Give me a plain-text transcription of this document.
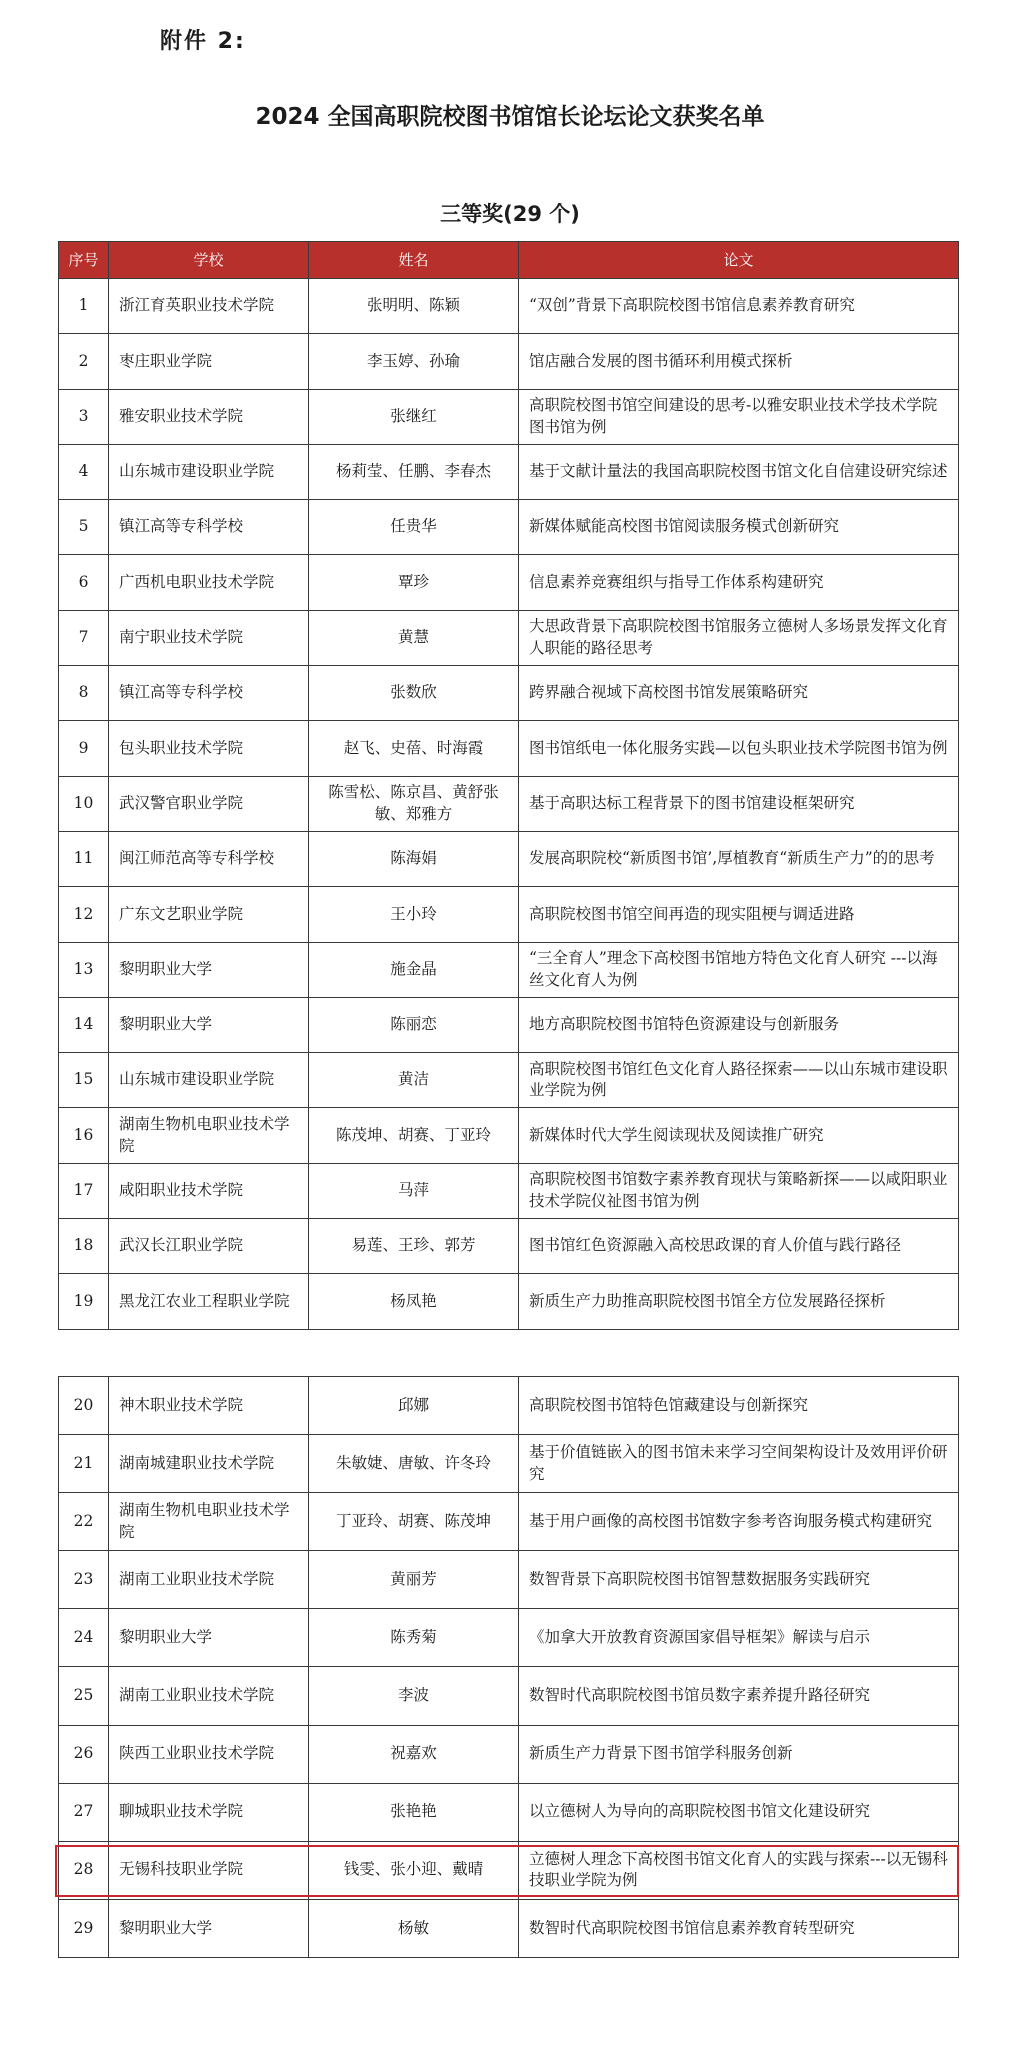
附件 2:
2024 全国高职院校图书馆馆长论坛论文获奖名单
三等奖(29 个)
序号	学校	姓名	论文
1	浙江育英职业技术学院	张明明、陈颖	“双创”背景下高职院校图书馆信息素养教育研究
2	枣庄职业学院	李玉婷、孙瑜	馆店融合发展的图书循环利用模式探析
3	雅安职业技术学院	张继红	高职院校图书馆空间建设的思考-以雅安职业技术学技术学院图书馆为例
4	山东城市建设职业学院	杨莉莹、任鹏、李春杰	基于文献计量法的我国高职院校图书馆文化自信建设研究综述
5	镇江高等专科学校	任贵华	新媒体赋能高校图书馆阅读服务模式创新研究
6	广西机电职业技术学院	覃珍	信息素养竞赛组织与指导工作体系构建研究
7	南宁职业技术学院	黄慧	大思政背景下高职院校图书馆服务立德树人多场景发挥文化育人职能的路径思考
8	镇江高等专科学校	张数欣	跨界融合视域下高校图书馆发展策略研究
9	包头职业技术学院	赵飞、史蓓、时海霞	图书馆纸电一体化服务实践—以包头职业技术学院图书馆为例
10	武汉警官职业学院	陈雪松、陈京昌、黄舒张敏、郑雅方	基于高职达标工程背景下的图书馆建设框架研究
11	闽江师范高等专科学校	陈海娟	发展高职院校“新质图书馆’,厚植教育“新质生产力”的的思考
12	广东文艺职业学院	王小玲	高职院校图书馆空间再造的现实阻梗与调适进路
13	黎明职业大学	施金晶	“三全育人”理念下高校图书馆地方特色文化育人研究 ---以海丝文化育人为例
14	黎明职业大学	陈丽恋	地方高职院校图书馆特色资源建设与创新服务
15	山东城市建设职业学院	黄洁	高职院校图书馆红色文化育人路径探索——以山东城市建设职业学院为例
16	湖南生物机电职业技术学院	陈茂坤、胡赛、丁亚玲	新媒体时代大学生阅读现状及阅读推广研究
17	咸阳职业技术学院	马萍	高职院校图书馆数字素养教育现状与策略新探——以咸阳职业技术学院仪祉图书馆为例
18	武汉长江职业学院	易莲、王珍、郭芳	图书馆红色资源融入高校思政课的育人价值与践行路径
19	黑龙江农业工程职业学院	杨凤艳	新质生产力助推高职院校图书馆全方位发展路径探析
20	神木职业技术学院	邱娜	高职院校图书馆特色馆藏建设与创新探究
21	湖南城建职业技术学院	朱敏婕、唐敏、许冬玲	基于价值链嵌入的图书馆未来学习空间架构设计及效用评价研究
22	湖南生物机电职业技术学院	丁亚玲、胡赛、陈茂坤	基于用户画像的高校图书馆数字参考咨询服务模式构建研究
23	湖南工业职业技术学院	黄丽芳	数智背景下高职院校图书馆智慧数据服务实践研究
24	黎明职业大学	陈秀菊	《加拿大开放教育资源国家倡导框架》解读与启示
25	湖南工业职业技术学院	李波	数智时代高职院校图书馆员数字素养提升路径研究
26	陕西工业职业技术学院	祝嘉欢	新质生产力背景下图书馆学科服务创新
27	聊城职业技术学院	张艳艳	以立德树人为导向的高职院校图书馆文化建设研究
28	无锡科技职业学院	钱雯、张小迎、戴晴	立德树人理念下高校图书馆文化育人的实践与探索---以无锡科技职业学院为例
29	黎明职业大学	杨敏	数智时代高职院校图书馆信息素养教育转型研究
